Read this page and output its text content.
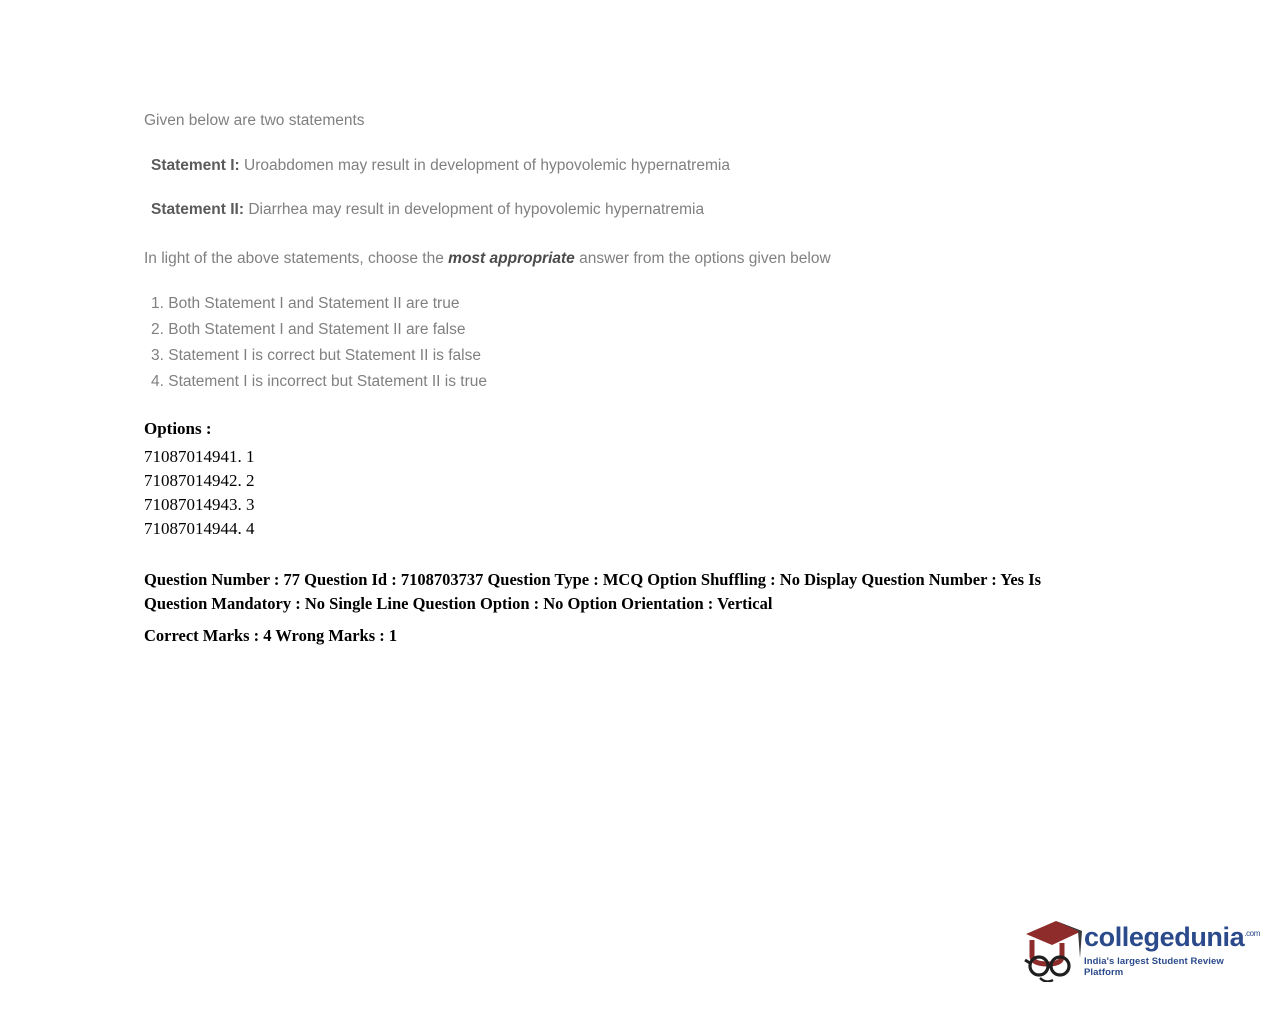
Given below are two statements

Statement I: Uroabdomen may result in development of hypovolemic hypernatremia

Statement II: Diarrhea may result in development of hypovolemic hypernatremia

In light of the above statements, choose the most appropriate answer from the options given below

1. Both Statement I and Statement II are true
2. Both Statement I and Statement II are false
3. Statement I is correct but Statement II is false
4. Statement I is incorrect but Statement II is true
Options :
71087014941. 1
71087014942. 2
71087014943. 3
71087014944. 4
Question Number : 77 Question Id : 7108703737 Question Type : MCQ Option Shuffling : No Display Question Number : Yes Is
Question Mandatory : No Single Line Question Option : No Option Orientation : Vertical
Correct Marks : 4 Wrong Marks : 1
collegedunia$^{.com}$
India's largest Student Review Platform
